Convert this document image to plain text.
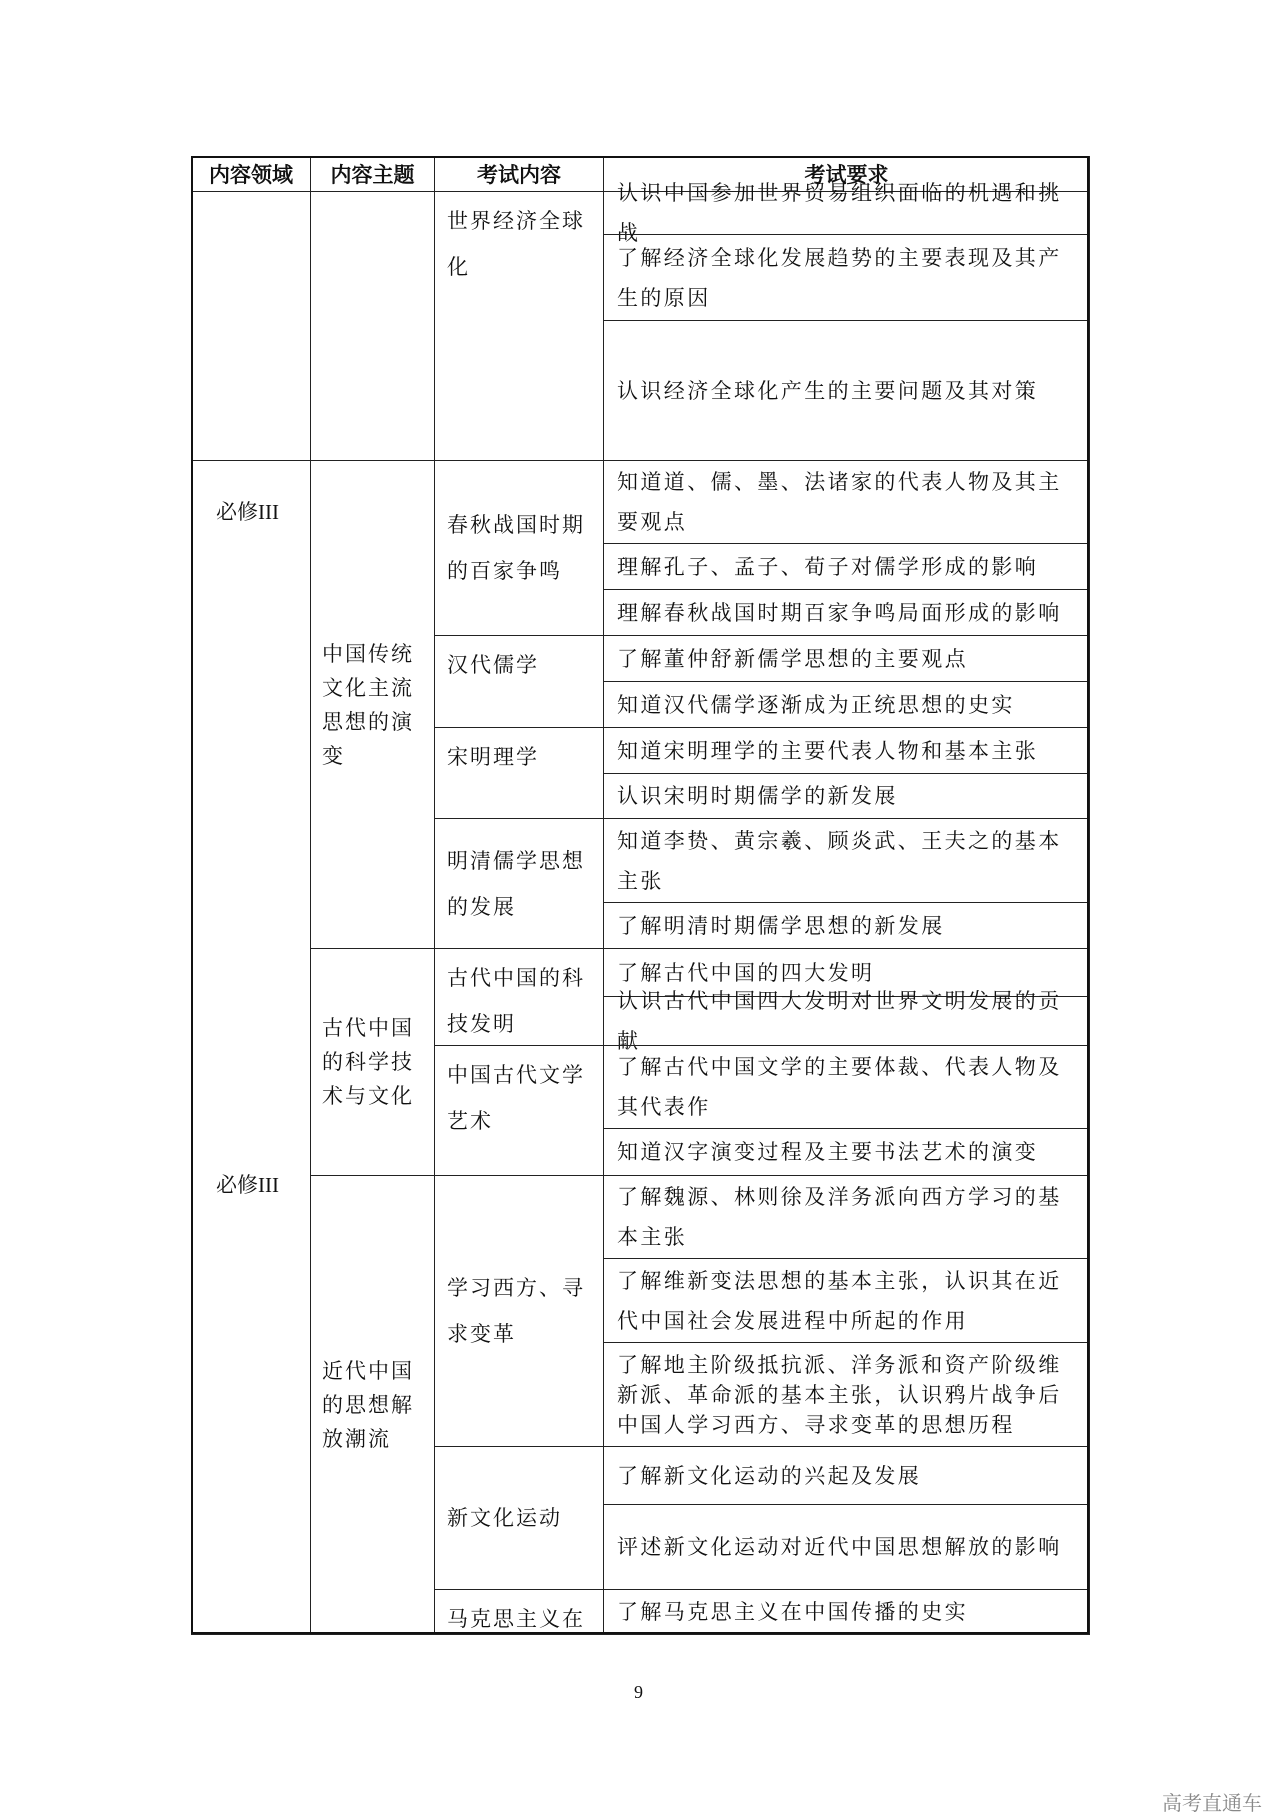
内容领域 内容主题	考试内容	考试要求
中国传统文化主流思想的演变
古代中国的科学技术与文化
近代中国的思想解放潮流
世界经济全球化
春秋战国时期的百家争鸣
汉代儒学
宋明理学
明清儒学思想的发展
古代中国的科技发明
中国古代文学艺术
学习西方、寻求变革
新文化运动
马克思主义在
认识中国参加世界贸易组织面临的机遇和挑战
了解经济全球化发展趋势的主要表现及其产生的原因
认识经济全球化产生的主要问题及其对策
知道道、儒、墨、法诸家的代表人物及其主要观点
理解孔子、孟子、荀子对儒学形成的影响
理解春秋战国时期百家争鸣局面形成的影响
了解董仲舒新儒学思想的主要观点
知道汉代儒学逐渐成为正统思想的史实
知道宋明理学的主要代表人物和基本主张
认识宋明时期儒学的新发展
知道李贽、黄宗羲、顾炎武、王夫之的基本主张
了解明清时期儒学思想的新发展
了解古代中国的四大发明
认识古代中国四大发明对世界文明发展的贡献
了解古代中国文学的主要体裁、代表人物及其代表作
知道汉字演变过程及主要书法艺术的演变
了解魏源、林则徐及洋务派向西方学习的基本主张
了解维新变法思想的基本主张，认识其在近代中国社会发展进程中所起的作用
了解地主阶级抵抗派、洋务派和资产阶级维新派、革命派的基本主张，认识鸦片战争后中国人学习西方、寻求变革的思想历程
了解新文化运动的兴起及发展
评述新文化运动对近代中国思想解放的影响
了解马克思主义在中国传播的史实
必修III
必修III
9
高考直通车
